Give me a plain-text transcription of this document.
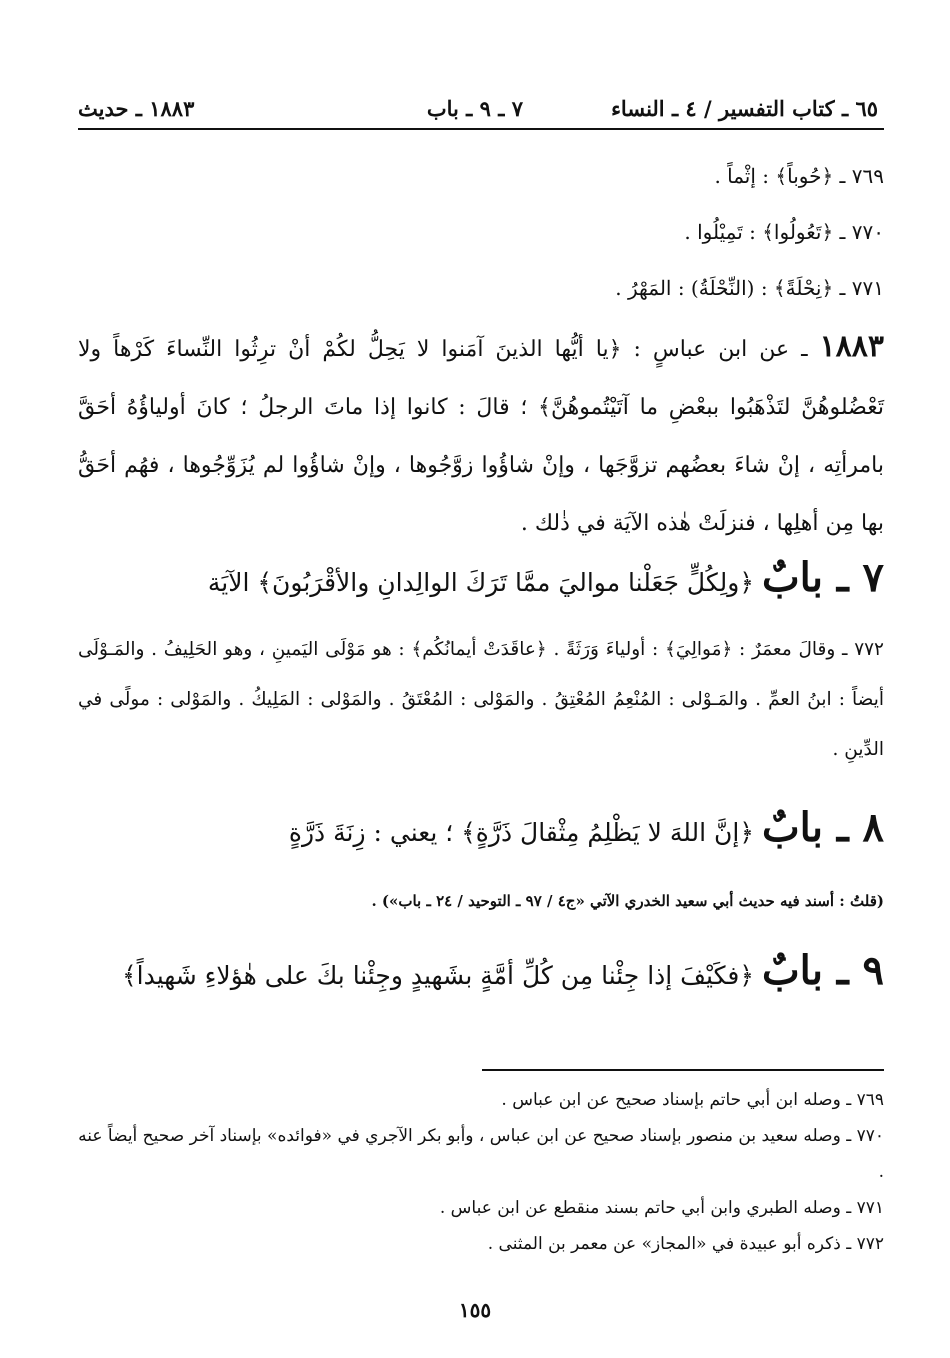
٦٥ ـ كتاب التفسير / ٤ ـ النساء
٧ ـ ٩ ـ باب
١٨٨٣ ـ حديث
٧٦٩ ـ ﴿حُوباً﴾ : إثْماً .
٧٧٠ ـ ﴿تَعُولُوا﴾ : تَمِيْلُوا .
٧٧١ ـ ﴿نِحْلَةً﴾ : (النِّحْلَةُ) : المَهْرُ .
١٨٨٣ ـ عن ابن عباسٍ : ﴿يا أيُّها الذينَ آمَنوا لا يَحِلُّ لكُمْ أنْ ترِثُوا النِّساءَ كَرْهاً ولا تَعْضُلوهُنَّ لتَذْهَبُوا ببعْضِ ما آتَيْتُموهُنَّ﴾ ؛ قالَ : كانوا إذا ماتَ الرجلُ ؛ كانَ أولياؤُهُ أحَقَّ بامرأتِه ، إنْ شاءَ بعضُهم تزوَّجَها ، وإنْ شاؤُوا زوَّجُوها ، وإنْ شاؤُوا لم يُزَوِّجُوها ، فهُم أحَقُّ بها مِن أهلِها ، فنزلَتْ هٰذه الآيَة في ذٰلك .
٧ ـ بابٌ ﴿ولِكُلٍّ جَعَلْنا مواليَ ممَّا تَرَكَ الوالِدانِ والأقْرَبُونَ﴾ الآيَة
٧٧٢ ـ وقالَ معمَرٌ : ﴿مَوالِيَ﴾ : أولياءَ وَرَثَةً . ﴿عاقَدَتْ أيمانُكُم﴾ : هو مَوْلَى اليَمينِ ، وهو الحَلِيفُ . والمَـوْلَى أيضاً : ابنُ العمِّ . والمَـوْلى : المُنْعِمُ المُعْتِقُ . والمَوْلى : المُعْتَقُ . والمَوْلى : المَلِيكُ . والمَوْلى : مولًى في الدِّينِ .
٨ ـ بابٌ ﴿إنَّ اللهَ لا يَظْلِمُ مِثْقالَ ذَرَّةٍ﴾ ؛ يعني : زِنَةَ ذَرَّةٍ
(قلتُ : أسند فيه حديث أبي سعيد الخدري الآتي «ج٤ / ٩٧ ـ التوحيد / ٢٤ ـ باب») .
٩ ـ بابٌ ﴿فكَيْفَ إذا جِئْنا مِن كُلِّ أمَّةٍ بشَهيدٍ وجِئْنا بكَ على هٰؤلاءِ شَهيداً﴾
٧٦٩ ـ وصله ابن أبي حاتم بإسناد صحيح عن ابن عباس .
٧٧٠ ـ وصله سعيد بن منصور بإسناد صحيح عن ابن عباس ، وأبو بكر الآجري في «فوائده» بإسناد آخر صحيح أيضاً عنه .
٧٧١ ـ وصله الطبري وابن أبي حاتم بسند منقطع عن ابن عباس .
٧٧٢ ـ ذكره أبو عبيدة في «المجاز» عن معمر بن المثنى .
١٥٥
